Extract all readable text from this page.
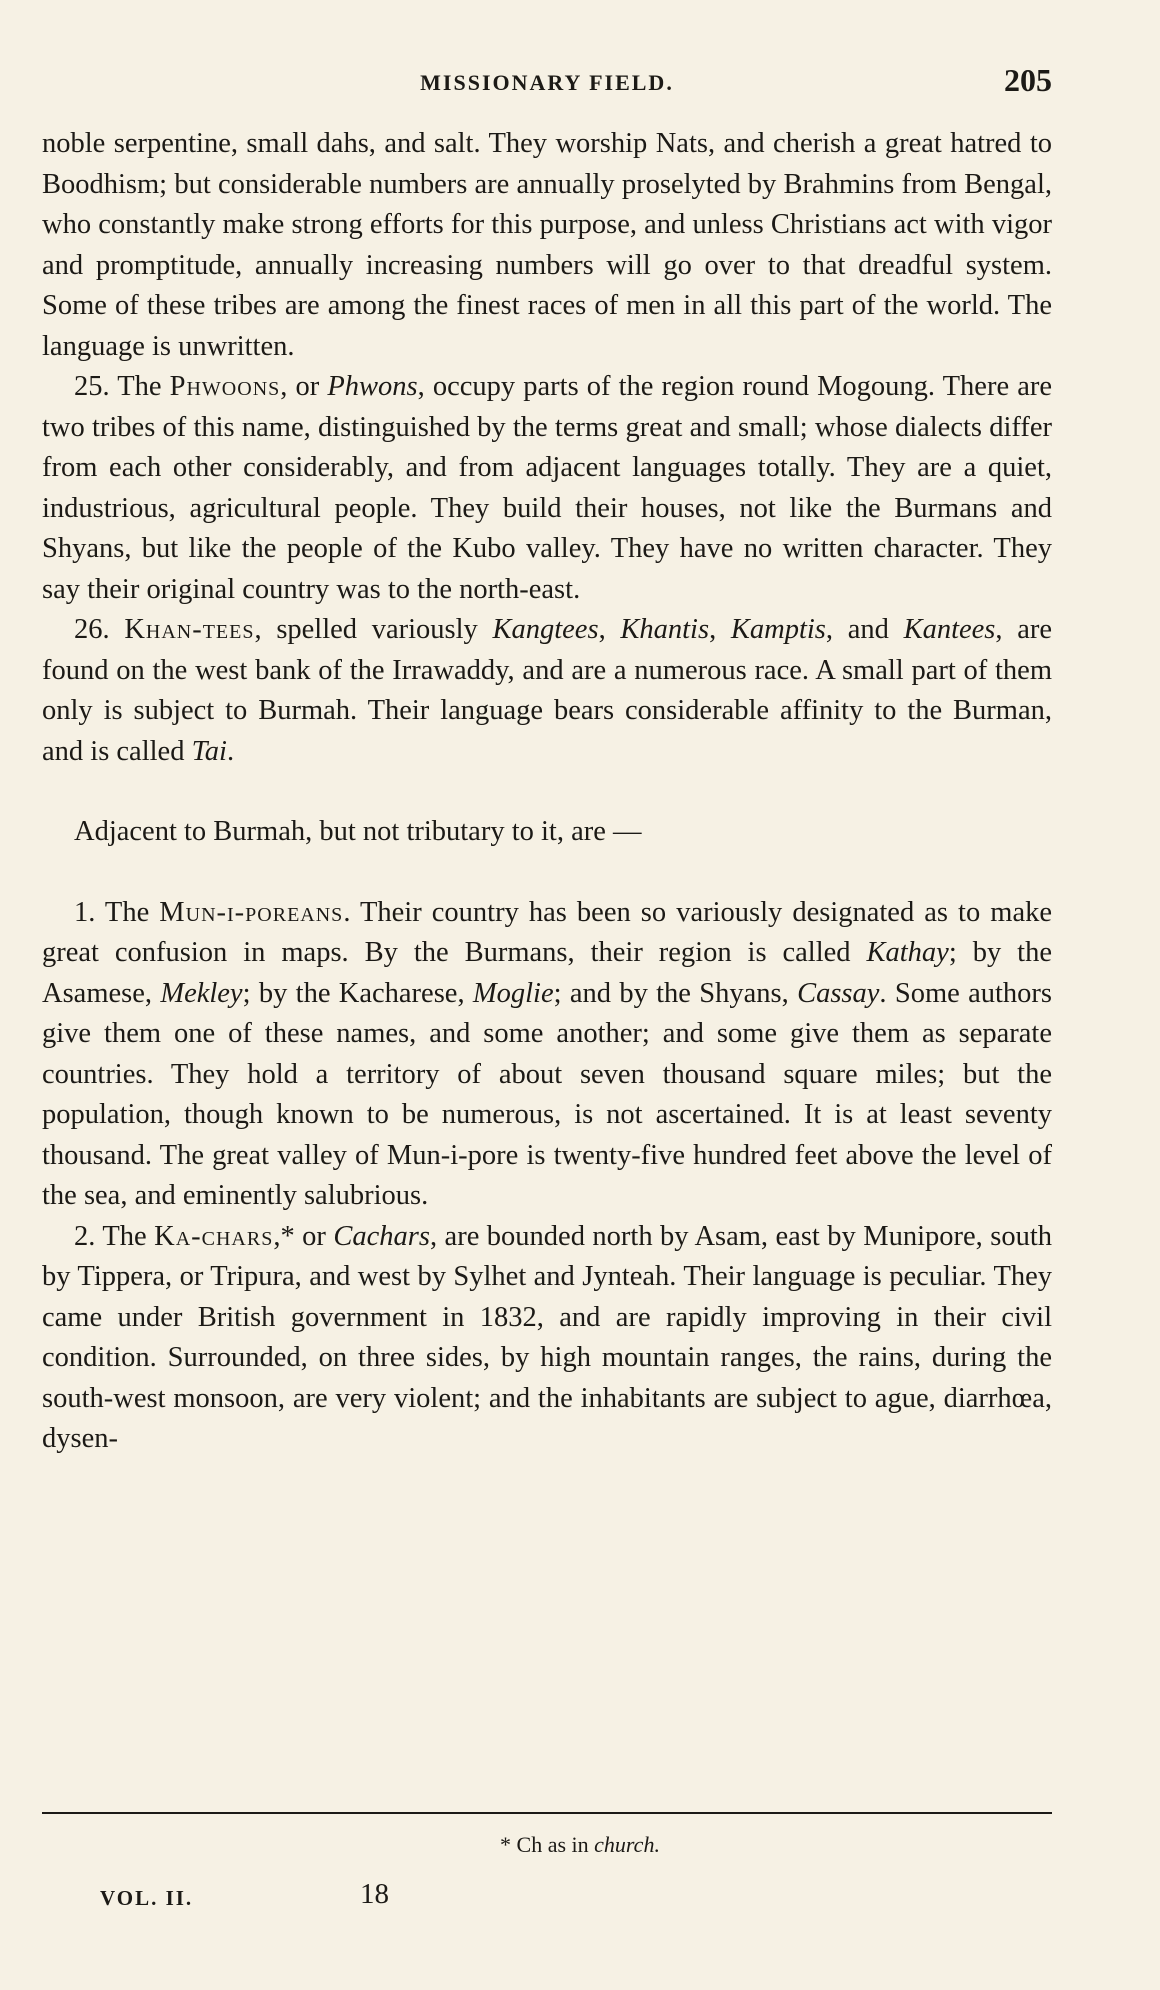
MISSIONARY FIELD.	205

noble serpentine, small dahs, and salt. They worship Nats, and cherish a great hatred to Boodhism; but considerable numbers are annually proselyted by Brahmins from Bengal, who constantly make strong efforts for this purpose, and unless Christians act with vigor and promptitude, annually increasing numbers will go over to that dreadful system. Some of these tribes are among the finest races of men in all this part of the world. The language is unwritten.

25. The Phwoons, or Phwons, occupy parts of the region round Mogoung. There are two tribes of this name, distinguished by the terms great and small; whose dialects differ from each other considerably, and from adjacent languages totally. They are a quiet, industrious, agricultural people. They build their houses, not like the Burmans and Shyans, but like the people of the Kubo valley. They have no written character. They say their original country was to the north-east.

26. Khan-tees, spelled variously Kangtees, Khantis, Kamptis, and Kantees, are found on the west bank of the Irrawaddy, and are a numerous race. A small part of them only is subject to Burmah. Their language bears considerable affinity to the Burman, and is called Tai.

Adjacent to Burmah, but not tributary to it, are —

1. The Mun-i-poreans. Their country has been so variously designated as to make great confusion in maps. By the Burmans, their region is called Kathay; by the Asamese, Mekley; by the Kacharese, Moglie; and by the Shyans, Cassay. Some authors give them one of these names, and some another; and some give them as separate countries. They hold a territory of about seven thousand square miles; but the population, though known to be numerous, is not ascertained. It is at least seventy thousand. The great valley of Mun-i-pore is twenty-five hundred feet above the level of the sea, and eminently salubrious.

2. The Ka-chars,* or Cachars, are bounded north by Asam, east by Munipore, south by Tippera, or Tripura, and west by Sylhet and Jynteah. Their language is peculiar. They came under British government in 1832, and are rapidly improving in their civil condition. Surrounded, on three sides, by high mountain ranges, the rains, during the south-west monsoon, are very violent; and the inhabitants are subject to ague, diarrhœa, dysen-

* Ch as in church.
VOL. II.	18
